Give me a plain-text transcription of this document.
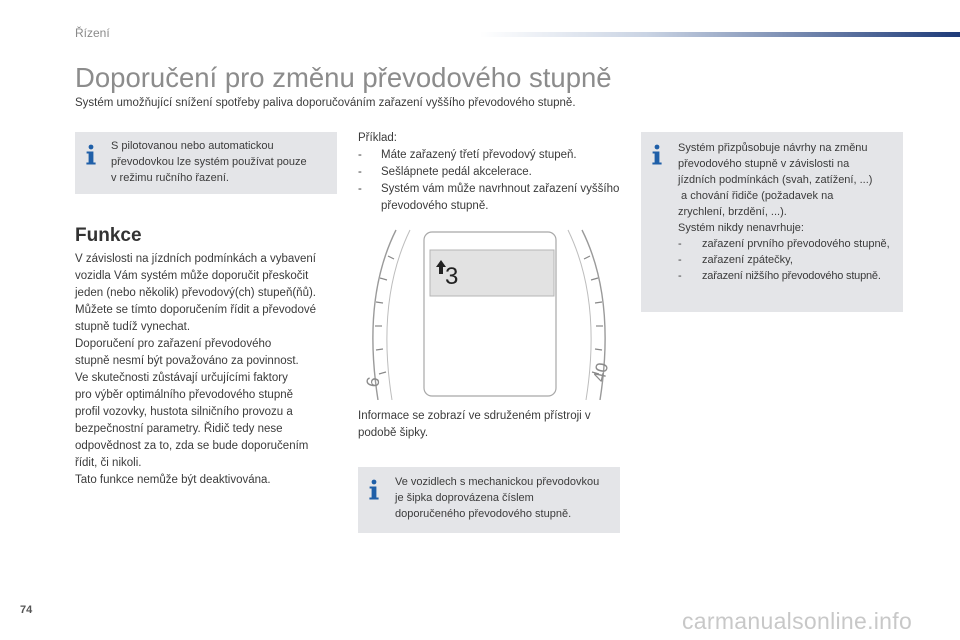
Řízení
Doporučení pro změnu převodového stupně

Systém umožňující snížení spotřeby paliva doporučováním zařazení vyššího převodového stupně.

S pilotovanou nebo automatickou
převodovkou lze systém používat pouze
v režimu ručního řazení.
Funkce

V závislosti na jízdních podmínkách a vybavení

vozidla Vám systém může doporučit přeskočit

jeden (nebo několik) převodový(ch) stupeň(ňů).

Můžete se tímto doporučením řídit a převodové

stupně tudíž vynechat.

Doporučení pro zařazení převodového

stupně nesmí být považováno za povinnost.

Ve skutečnosti zůstávají určujícími faktory

pro výběr optimálního převodového stupně

profil vozovky, hustota silničního provozu a

bezpečnostní parametry. Řidič tedy nese

odpovědnost za to, zda se bude doporučením

řídit, či nikoli.

Tato funkce nemůže být deaktivována.

Příklad:
- Máte zařazený třetí převodový stupeň.
- Sešlápnete pedál akcelerace.
- Systém vám může navrhnout zařazení vyššího převodového stupně.
3
6	40

Informace se zobrazí ve sdruženém přístroji v podobě šipky.

Systém přizpůsobuje návrhy na změnu
převodového stupně v závislosti na
jízdních podmínkách (svah, zatížení, ...)
a chování řidiče (požadavek na
zrychlení, brzdění, ...).
Systém nikdy nenavrhuje:
- zařazení prvního převodového stupně,
- zařazení zpátečky,
- zařazení nižšího převodového stupně.
Ve vozidlech s mechanickou převodovkou
je šipka doprovázena číslem
doporučeného převodového stupně.
74	carmanualsonline.info
